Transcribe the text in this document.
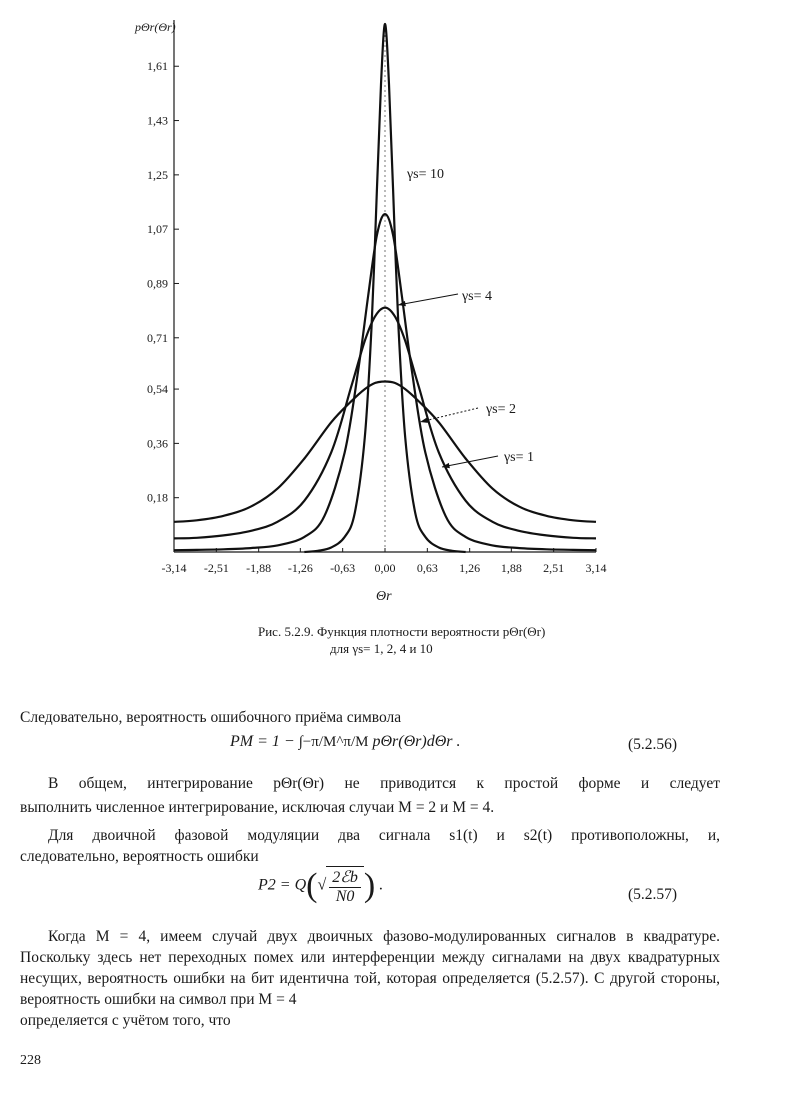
0,18
0,36
0,54
0,71
0,89
1,07
1,25
1,43
1,61
-3,14 -2,51 -1,88 -1,26 -0,63 0,00 0,63 1,26 1,88 2,51 3,14
γs= 10
γs= 4
γs= 2
γs= 1
pΘr(Θr)
Θr
Рис. 5.2.9. Функция плотности вероятности pΘr(Θr)
для γs= 1, 2, 4 и 10

Следовательно, вероятность ошибочного приёма символа

PM = 1 − ∫−π/M^π/M pΘr(Θr)dΘr .	(5.2.56)

В общем, интегрирование pΘr(Θr) не приводится к простой форме и следует

выполнить численное интегрирование, исключая случаи M = 2 и M = 4.

Для двоичной фазовой модуляции два сигнала s1(t) и s2(t) противоположны, и,

следовательно, вероятность ошибки

$P2 = Q(√ \frac{\text{2ℰb}}{N0}$ ) .
(5.2.57)

Когда M = 4, имеем случай двух двоичных фазово-модулированных сигналов в квадратуре. Поскольку здесь нет переходных помех или интерференции между сигналами на двух квадратурных несущих, вероятность ошибки на бит идентична той, которая определяется (5.2.57). С другой стороны, вероятность ошибки на символ при M = 4

определяется с учётом того, что

228
